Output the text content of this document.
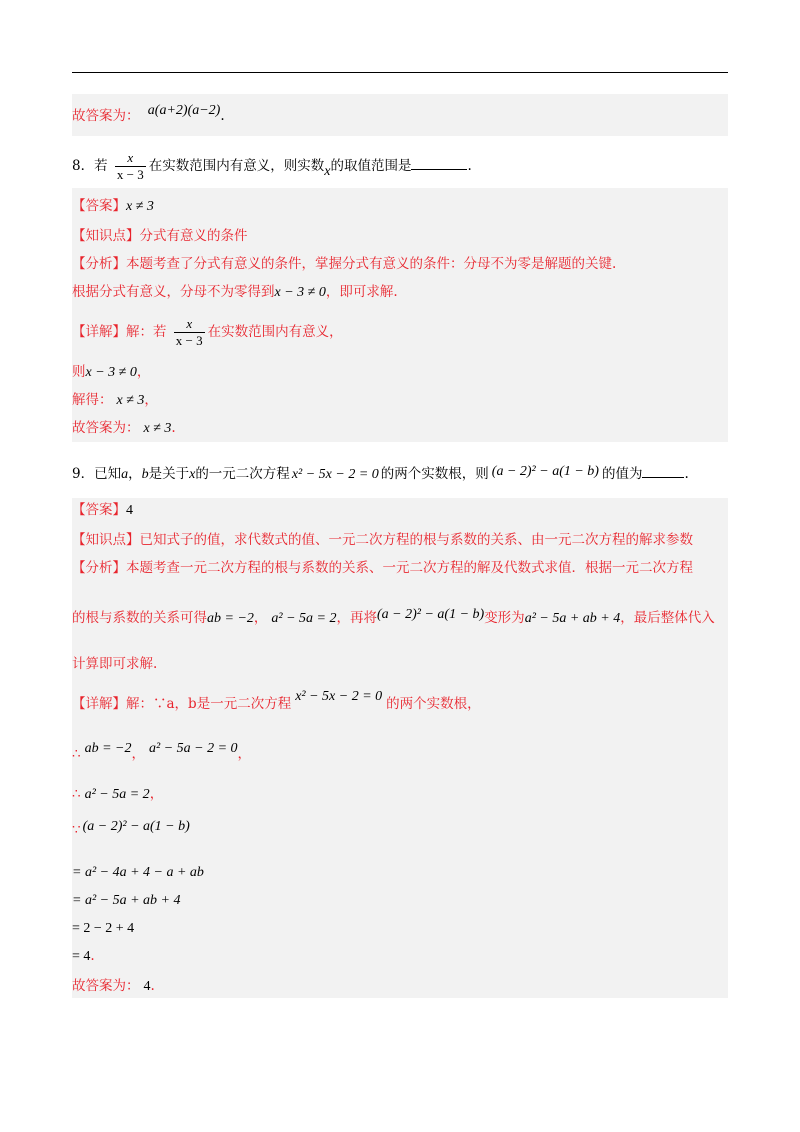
故答案为： a(a+2)(a−2).
8．若 $\frac{x}{x - 3}$ 在实数范围内有意义，则实数x的取值范围是	.
【答案】x ≠ 3
【知识点】分式有意义的条件
【分析】本题考查了分式有意义的条件，掌握分式有意义的条件：分母不为零是解题的关键.
根据分式有意义，分母不为零得到x − 3 ≠ 0，即可求解.
【详解】解：若 $\frac{x}{x - 3}$ 在实数范围内有意义，
则x − 3 ≠ 0，
解得： x ≠ 3，
故答案为： x ≠ 3.
9．已知a，b是关于x的一元二次方程 x² − 5x − 2 = 0 的两个实数根，则 (a − 2)² − a(1 − b) 的值为	.
【答案】4
【知识点】已知式子的值，求代数式的值、一元二次方程的根与系数的关系、由一元二次方程的解求参数
【分析】本题考查一元二次方程的根与系数的关系、一元二次方程的解及代数式求值．根据一元二次方程
的根与系数的关系可得ab = −2， a² − 5a = 2，再将(a − 2)² − a(1 − b)变形为a² − 5a + ab + 4，最后整体代入
计算即可求解.
【详解】解：∵a，b是一元二次方程 x² − 5x − 2 = 0 的两个实数根，
∴ ab = −2， a² − 5a − 2 = 0，
∴ a² − 5a = 2，
∵ (a − 2)² − a(1 − b)
= a² − 4a + 4 − a + ab
= a² − 5a + ab + 4
= 2 − 2 + 4
= 4.
故答案为： 4.
